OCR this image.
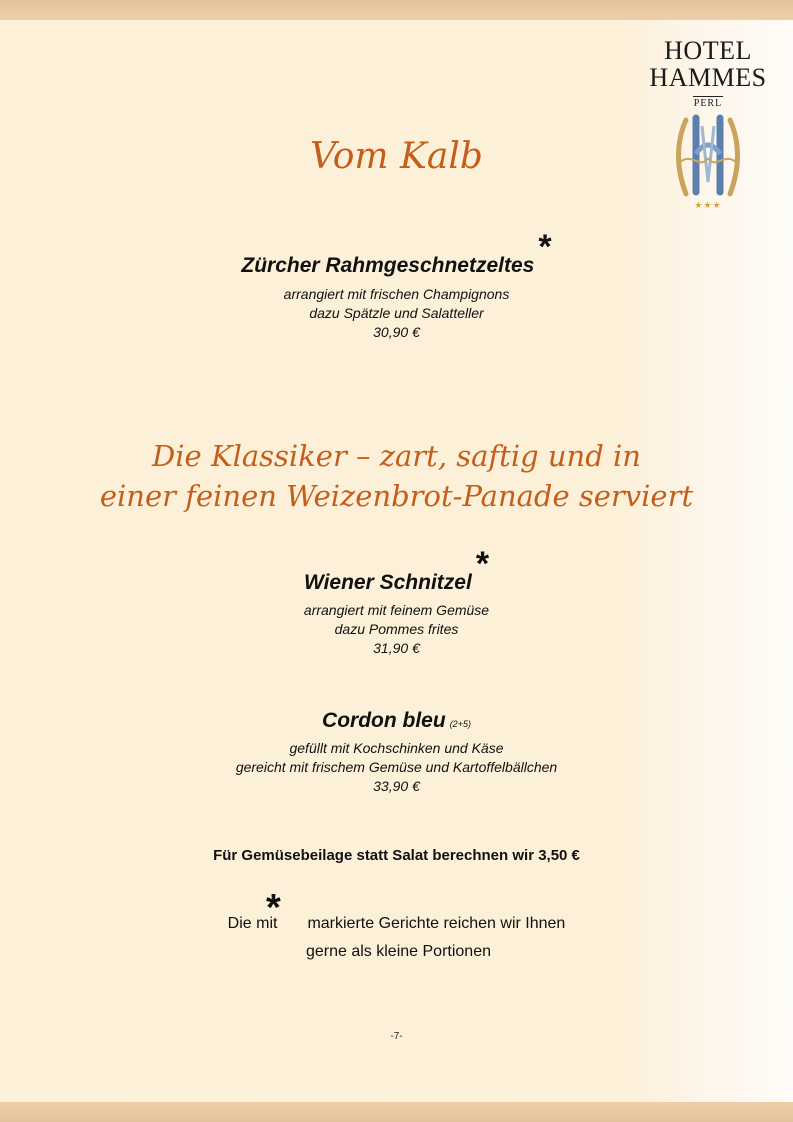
HOTEL
HAMMES
PERL
★★★
Vom Kalb
Zürcher Rahmgeschnetzeltes *
arrangiert mit frischen Champignons
dazu Spätzle und Salatteller
30,90 €
Die Klassiker – zart, saftig und in
einer feinen Weizenbrot-Panade serviert
Wiener Schnitzel *
arrangiert mit feinem Gemüse
dazu Pommes frites
31,90 €
Cordon bleu (2+5)
gefüllt mit Kochschinken und Käse
gereicht mit frischem Gemüse und Kartoffelbällchen
33,90 €
Für Gemüsebeilage statt Salat berechnen wir 3,50 €
*
Die mit markierte Gerichte reichen wir Ihnen
gerne als kleine Portionen
-7-
